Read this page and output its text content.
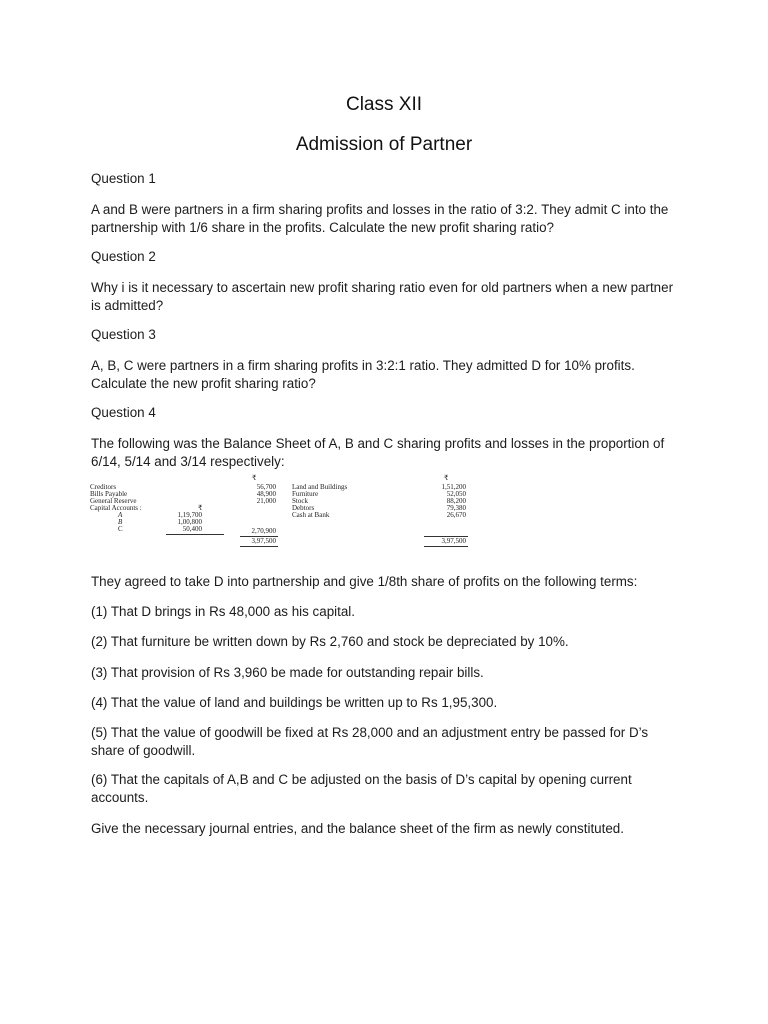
Class XII
Admission of Partner
Question 1
A and B were partners in a firm sharing profits and losses in the ratio of 3:2. They admit C into the partnership with 1/6 share in the profits. Calculate the new profit sharing ratio?
Question 2
Why i is it necessary to ascertain new profit sharing ratio even for old partners when a new partner is admitted?
Question 3
A, B, C were partners in a firm sharing profits in 3:2:1 ratio. They admitted D for 10% profits. Calculate the new profit sharing ratio?
Question 4
The following was the Balance Sheet of A, B and C sharing profits and losses in the proportion of 6/14, 5/14 and 3/14 respectively:
₹	₹
Creditors
Bills Payable
General Reserve
Capital Accounts :	₹
A
B
C
1,19,700
1,00,800
50,400
56,700
48,900
21,000
2,70,900
3,97,500
Land and Buildings
Furniture
Stock
Debtors
Cash at Bank
1,51,200
52,050
88,200
79,380
26,670
3,97,500
They agreed to take D into partnership and give 1/8th share of profits on the following terms:
(1) That D brings in Rs 48,000 as his capital.
(2) That furniture be written down by Rs 2,760 and stock be depreciated by 10%.
(3) That provision of Rs 3,960 be made for outstanding repair bills.
(4) That the value of land and buildings be written up to Rs 1,95,300.
(5) That the value of goodwill be fixed at Rs 28,000 and an adjustment entry be passed for D’s share of goodwill.
(6) That the capitals of A,B and C be adjusted on the basis of D’s capital by opening current accounts.
Give the necessary journal entries, and the balance sheet of the firm as newly constituted.
